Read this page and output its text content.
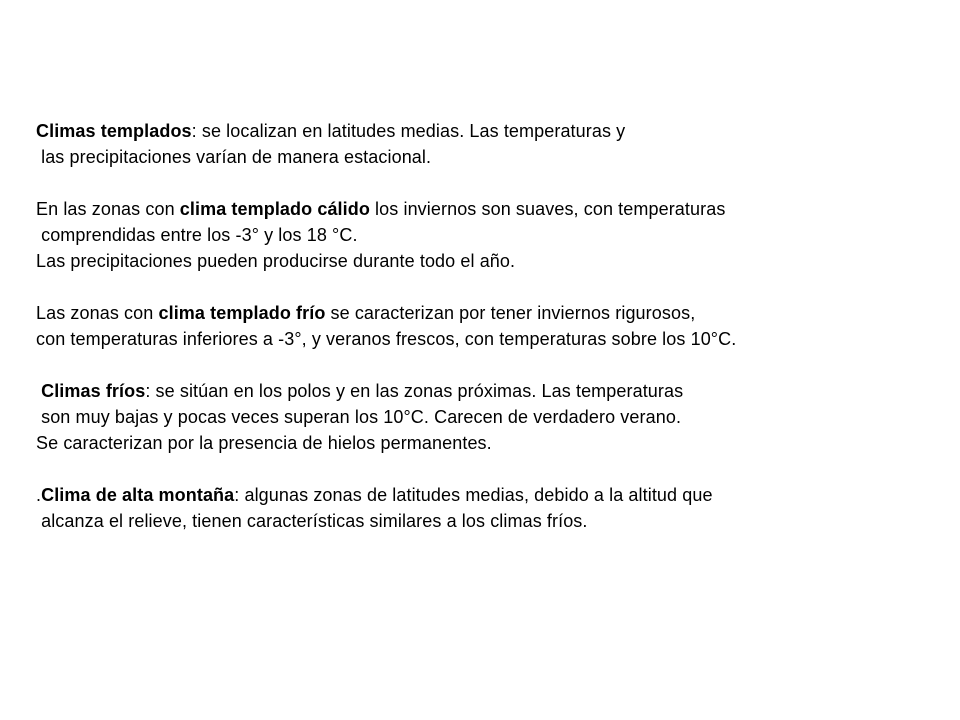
Climas templados: se localizan en latitudes medias. Las temperaturas y
las precipitaciones varían de manera estacional.
En las zonas con clima templado cálido los inviernos son suaves, con temperaturas
comprendidas entre los -3° y los 18 °C.
Las precipitaciones pueden producirse durante todo el año.
Las zonas con clima templado frío se caracterizan por tener inviernos rigurosos,
con temperaturas inferiores a -3°, y veranos frescos, con temperaturas sobre los 10°C.
Climas fríos: se sitúan en los polos y en las zonas próximas. Las temperaturas
son muy bajas y pocas veces superan los 10°C. Carecen de verdadero verano.
Se caracterizan por la presencia de hielos permanentes.
.Clima de alta montaña: algunas zonas de latitudes medias, debido a la altitud que
alcanza el relieve, tienen características similares a los climas fríos.
